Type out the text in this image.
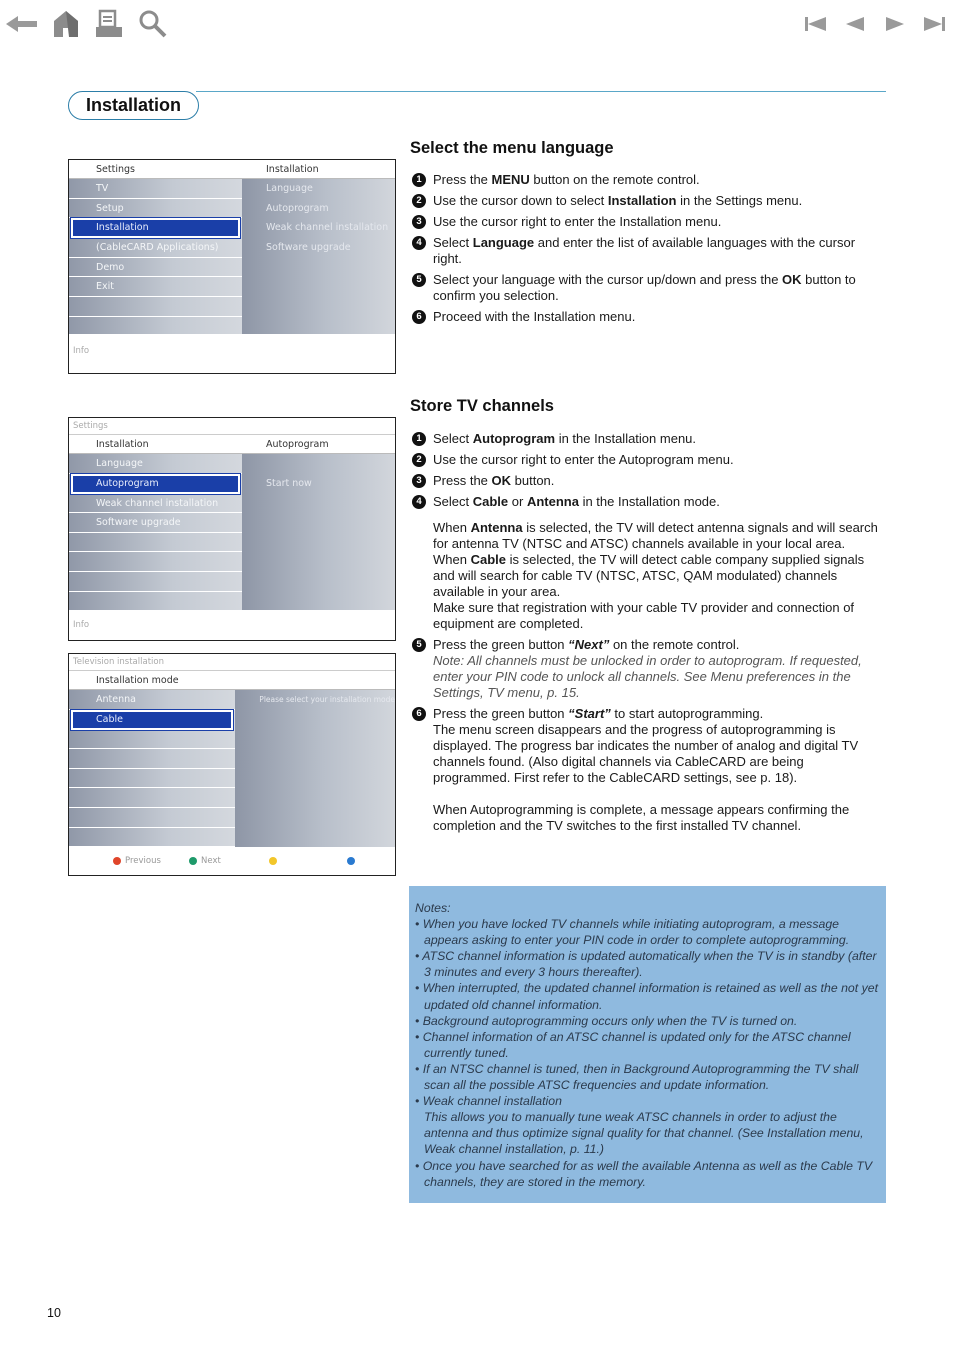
Installation
Settings	Installation
TV
Setup
Installation
(CableCARD Applications)
Demo
Exit
Language
Autoprogram
Weak channel installation
Software upgrade
Info
Settings
Installation	Autoprogram
Language
Autoprogram
Weak channel installation
Software upgrade
Start now
Info
Television installation
Installation mode
Antenna
Cable
Please select your installation mode
Previous	Next
Select the menu language
1 Press the MENU button on the remote control.
2 Use the cursor down to select Installation in the Settings menu.
3 Use the cursor right to enter the Installation menu.
4 Select Language and enter the list of available languages with the cursor right.
5 Select your language with the cursor up/down and press the OK button to confirm you selection.
6 Proceed with the Installation menu.
Store TV channels
1 Select Autoprogram in the Installation menu.
2 Use the cursor right to enter the Autoprogram menu.
3 Press the OK button.
4 Select Cable or Antenna in the Installation mode.
When Antenna is selected, the TV will detect antenna signals and will search for antenna TV (NTSC and ATSC) channels available in your local area.
When Cable is selected, the TV will detect cable company supplied signals and will search for cable TV (NTSC, ATSC, QAM modulated) channels available in your area.
Make sure that registration with your cable TV provider and connection of equipment are completed.
5 Press the green button “Next” on the remote control.
Note: All channels must be unlocked in order to autoprogram. If requested, enter your PIN code to unlock all channels. See Menu preferences in the Settings, TV menu, p. 15.
6 Press the green button “Start” to start autoprogramming.
The menu screen disappears and the progress of autoprogramming is displayed. The progress bar indicates the number of analog and digital TV channels found. (Also digital channels via CableCARD are being programmed. First refer to the CableCARD settings, see p. 18).
When Autoprogramming is complete, a message appears confirming the completion and the TV switches to the first installed TV channel.
Notes:
• When you have locked TV channels while initiating autoprogram, a message appears asking to enter your PIN code in order to complete autoprogramming.
• ATSC channel information is updated automatically when the TV is in standby (after 3 minutes and every 3 hours thereafter).
• When interrupted, the updated channel information is retained as well as the not yet updated old channel information.
• Background autoprogramming occurs only when the TV is turned on.
• Channel information of an ATSC channel is updated only for the ATSC channel currently tuned.
• If an NTSC channel is tuned, then in Background Autoprogramming the TV shall scan all the possible ATSC frequencies and update information.
• Weak channel installation
This allows you to manually tune weak ATSC channels in order to adjust the antenna and thus optimize signal quality for that channel. (See Installation menu, Weak channel installation, p. 11.)
• Once you have searched for as well the available Antenna as well as the Cable TV channels, they are stored in the memory.
10
